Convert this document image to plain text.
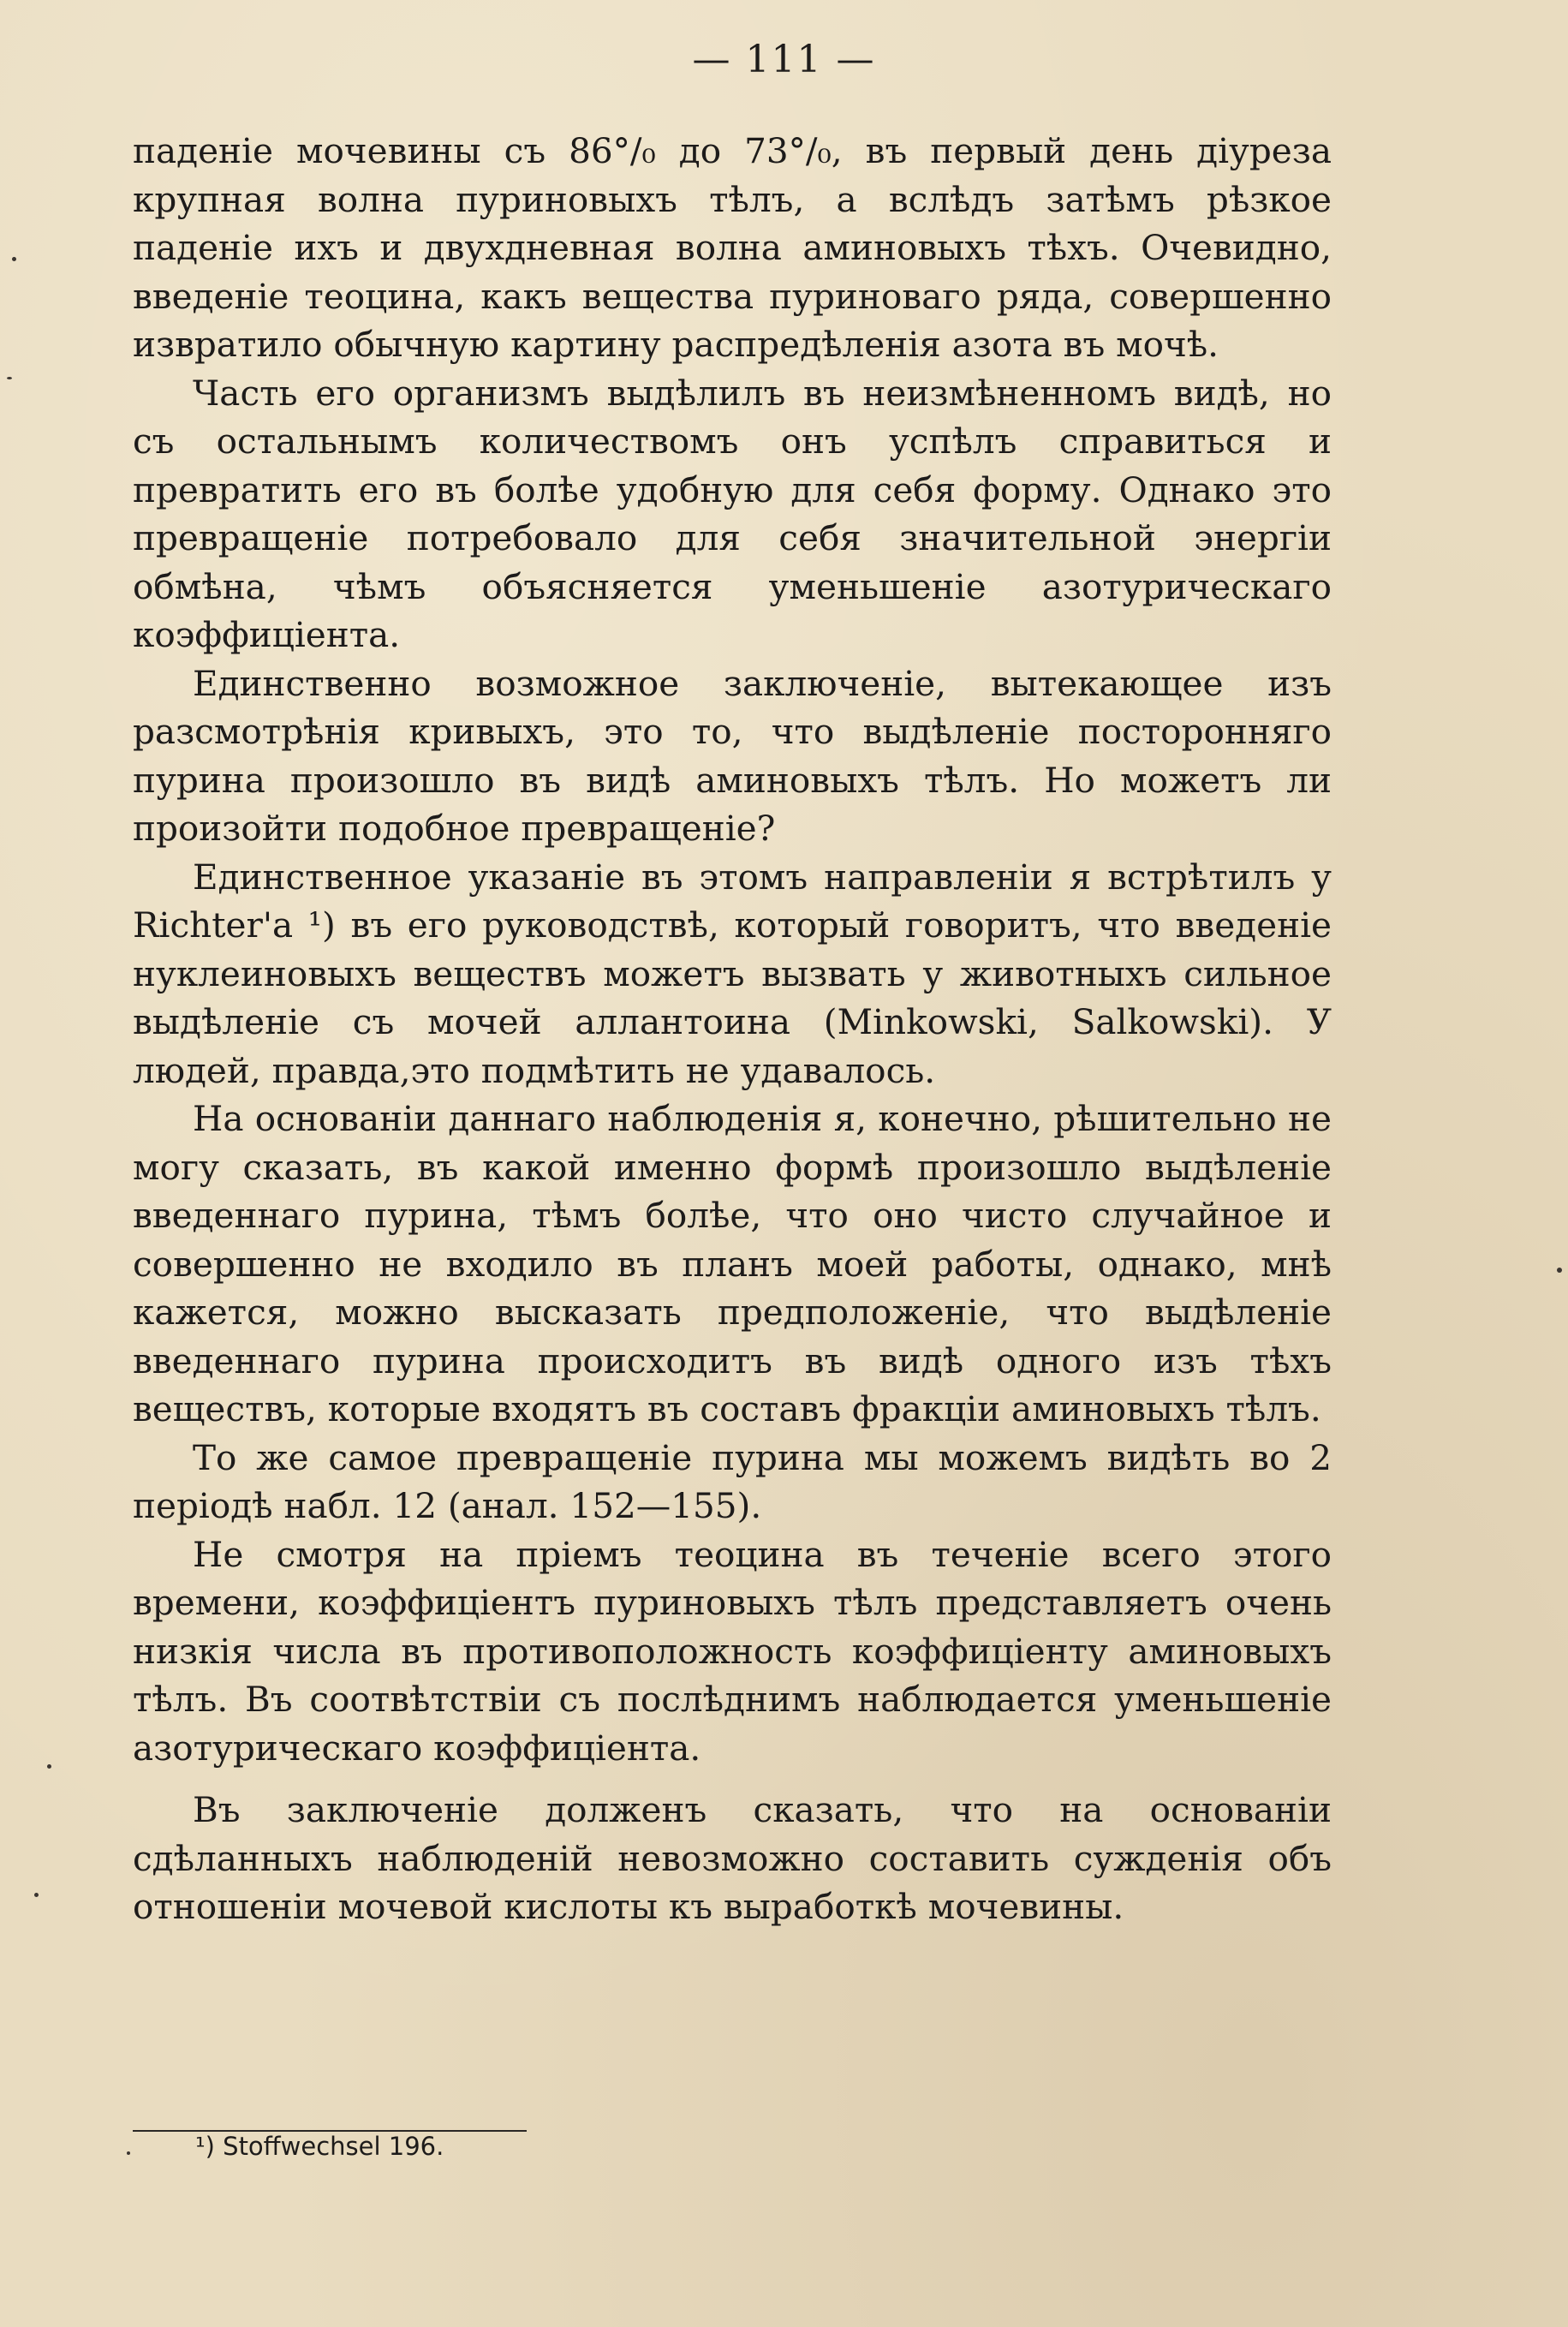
— 111 —

паденіе мочевины съ 86°/₀ до 73°/₀, въ первый день діуреза крупная волна пуриновыхъ тѣлъ, а вслѣдъ затѣмъ рѣзкое паденіе ихъ и двухдневная волна аминовыхъ тѣхъ. Очевидно, введеніе теоцина, какъ вещества пуриноваго ряда, совершенно извратило обычную картину распредѣленія азота въ мочѣ.

Часть его организмъ выдѣлилъ въ неизмѣненномъ видѣ, но съ остальнымъ количествомъ онъ успѣлъ справиться и превратить его въ болѣе удобную для себя форму. Однако это превращеніе потребовало для себя значительной энергіи обмѣна, чѣмъ объясняется уменьшеніе азотурическаго коэффиціента.

Единственно возможное заключеніе, вытекающее изъ разсмотрѣнія кривыхъ, это то, что выдѣленіе посторонняго пурина произошло въ видѣ аминовыхъ тѣлъ. Но можетъ ли произойти подобное превращеніе?

Единственное указаніе въ этомъ направленіи я встрѣтилъ у Richter'а ¹) въ его руководствѣ, который говоритъ, что введеніе нуклеиновыхъ веществъ можетъ вызвать у животныхъ сильное выдѣленіе съ мочей аллантоина (Minkowski, Salkowski). У людей, правда,это подмѣтить не удавалось.

На основаніи даннаго наблюденія я, конечно, рѣшительно не могу сказать, въ какой именно формѣ произошло выдѣленіе введеннаго пурина, тѣмъ болѣе, что оно чисто случайное и совершенно не входило въ планъ моей работы, однако, мнѣ кажется, можно высказать предположеніе, что выдѣленіе введеннаго пурина происходитъ въ видѣ одного изъ тѣхъ веществъ, которые входятъ въ составъ фракціи аминовыхъ тѣлъ.

То же самое превращеніе пурина мы можемъ видѣть во 2 періодѣ набл. 12 (анал. 152—155).

Не смотря на пріемъ теоцина въ теченіе всего этого времени, коэффиціентъ пуриновыхъ тѣлъ представляетъ очень низкія числа въ противоположность коэффиціенту аминовыхъ тѣлъ. Въ соотвѣтствіи съ послѣднимъ наблюдается уменьшеніе азотурическаго коэффиціента.

Въ заключеніе долженъ сказать, что на основаніи сдѣланныхъ наблюденій невозможно составить сужденія объ отношеніи мочевой кислоты къ выработкѣ мочевины.

¹) Stoffwechsel 196.
